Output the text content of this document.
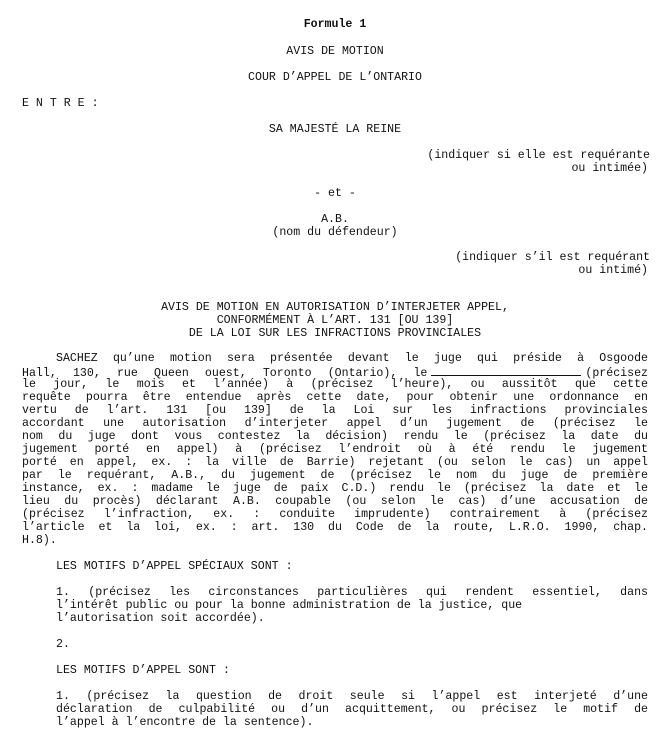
Formule 1
AVIS DE MOTION
COUR D’APPEL DE L’ONTARIO
E N T R E :
SA MAJESTÉ LA REINE
(indiquer si elle est requérante
ou intimée)
- et -
A.B.
(nom du défendeur)
(indiquer s’il est requérant
ou intimé)
AVIS DE MOTION EN AUTORISATION D’INTERJETER APPEL,
CONFORMÉMENT À L’ART. 131 [OU 139]
DE LA LOI SUR LES INFRACTIONS PROVINCIALES
SACHEZ qu’une motion sera présentée devant le juge qui préside à Osgoode
Hall, 130, rue Queen ouest, Toronto (Ontario), le	(précisez
le jour, le mois et l’année) à (précisez l’heure), ou aussitôt que cette
requête pourra être entendue après cette date, pour obtenir une ordonnance en
vertu de l’art. 131 [ou 139] de la Loi sur les infractions provinciales
accordant une autorisation d’interjeter appel d’un jugement de (précisez le
nom du juge dont vous contestez la décision) rendu le (précisez la date du
jugement porté en appel) à (précisez l’endroit où à été rendu le jugement
porté en appel, ex. : la ville de Barrie) rejetant (ou selon le cas) un appel
par le requérant, A.B., du jugement de (précisez le nom du juge de première
instance, ex. : madame le juge de paix C.D.) rendu le (précisez la date et le
lieu du procès) déclarant A.B. coupable (ou selon le cas) d’une accusation de
(précisez l’infraction, ex. : conduite imprudente) contrairement à (précisez
l’article et la loi, ex. : art. 130 du Code de la route, L.R.O. 1990, chap.
H.8).
LES MOTIFS D’APPEL SPÉCIAUX SONT :
1. (précisez les circonstances particulières qui rendent essentiel, dans
l’intérêt public ou pour la bonne administration de la justice, que
l’autorisation soit accordée).
2.
LES MOTIFS D’APPEL SONT :
1. (précisez la question de droit seule si l’appel est interjeté d’une
déclaration de culpabilité ou d’un acquittement, ou précisez le motif de
l’appel à l’encontre de la sentence).
